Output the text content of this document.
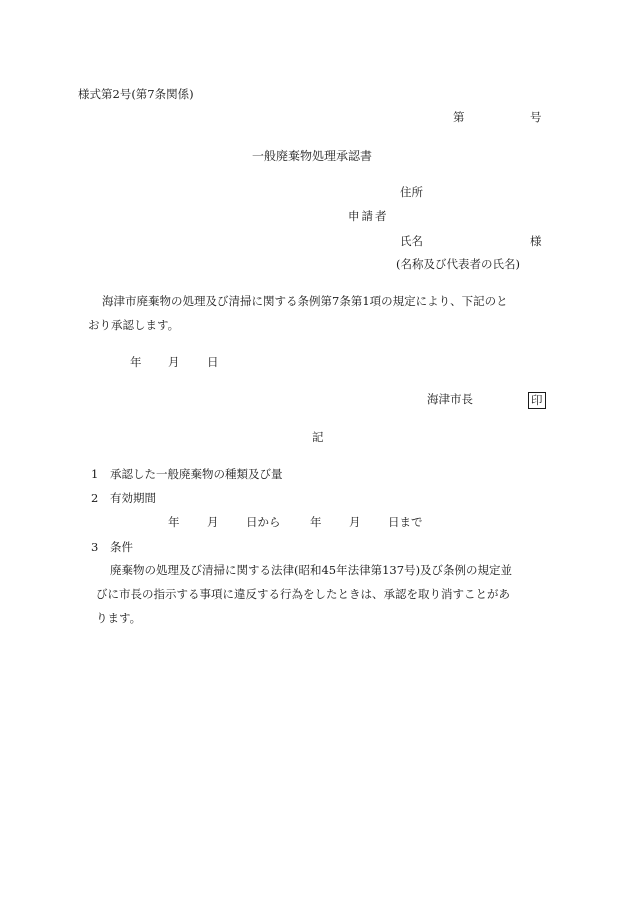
様式第2号(第7条関係)
第	号
一般廃棄物処理承認書
住所
申請者
氏名	様
(名称及び代表者の氏名)
海津市廃棄物の処理及び清掃に関する条例第7条第1項の規定により、下記のと
おり承認します。
年 月 日
海津市長	印
記
1 承認した一般廃棄物の種類及び量
2 有効期間
年 月 日から	年 月 日まで
3 条件
廃棄物の処理及び清掃に関する法律(昭和45年法律第137号)及び条例の規定並
びに市長の指示する事項に違反する行為をしたときは、承認を取り消すことがあ
ります。
